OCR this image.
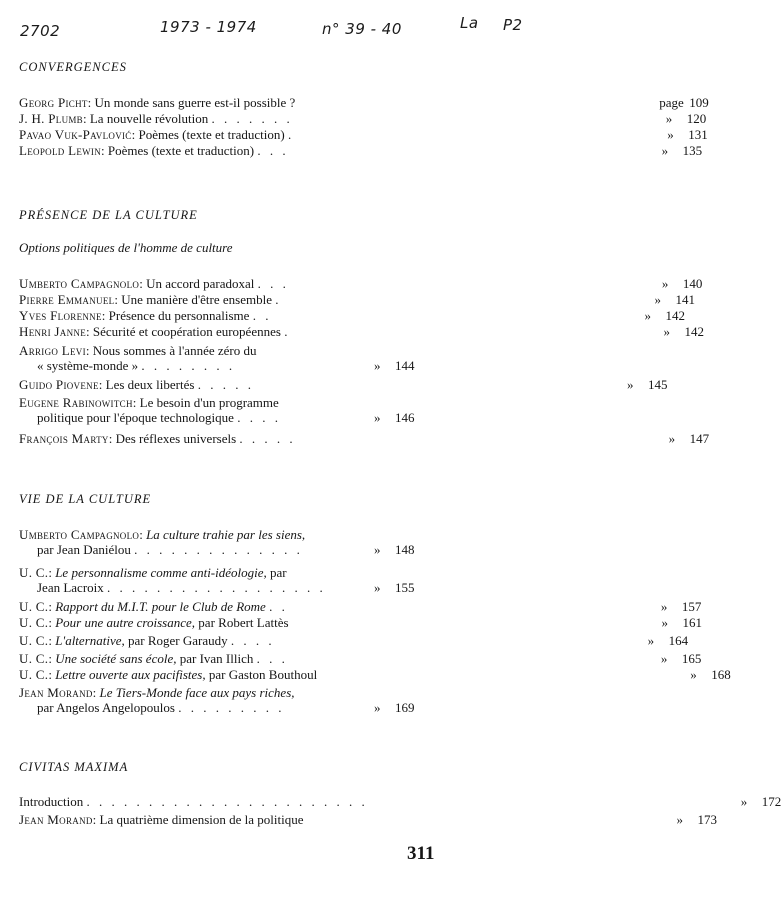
2702	1973 - 1974	n° 39 - 40	La P2
CONVERGENCES
Georg Picht: Un monde sans guerre est-il possible ?	page 109
J. H. Plumb: La nouvelle révolution . . . . . . .	» 120
Pavao Vuk-Pavlović: Poèmes (texte et traduction) .	» 131
Leopold Lewin: Poèmes (texte et traduction) . . .	» 135
PRÉSENCE DE LA CULTURE
Options politiques de l'homme de culture
Umberto Campagnolo: Un accord paradoxal . . .	» 140
Pierre Emmanuel: Une manière d'être ensemble .	» 141
Yves Florenne: Présence du personnalisme . .	» 142
Henri Janne: Sécurité et coopération européennes .	» 142
Arrigo Levi: Nous sommes à l'année zéro du
« système-monde » . . . . . . . .	» 144
Guido Piovene: Les deux libertés . . . . .	» 145
Eugene Rabinowitch: Le besoin d'un programme
politique pour l'époque technologique . . . .	» 146
François Marty: Des réflexes universels . . . . .	» 147
VIE DE LA CULTURE
Umberto Campagnolo: La culture trahie par les siens,
par Jean Daniélou . . . . . . . . . . . . . .	» 148
U. C.: Le personnalisme comme anti-idéologie, par
Jean Lacroix . . . . . . . . . . . . . . . . . .	» 155
U. C.: Rapport du M.I.T. pour le Club de Rome . .	» 157
U. C.: Pour une autre croissance, par Robert Lattès	» 161
U. C.: L'alternative, par Roger Garaudy . . . .	» 164
U. C.: Une société sans école, par Ivan Illich . . .	» 165
U. C.: Lettre ouverte aux pacifistes, par Gaston Bouthoul	» 168
Jean Morand: Le Tiers-Monde face aux pays riches,
par Angelos Angelopoulos . . . . . . . . .	» 169
CIVITAS MAXIMA
Introduction . . . . . . . . . . . . . . . . . . . . . . .	» 172
Jean Morand: La quatrième dimension de la politique	» 173
311
